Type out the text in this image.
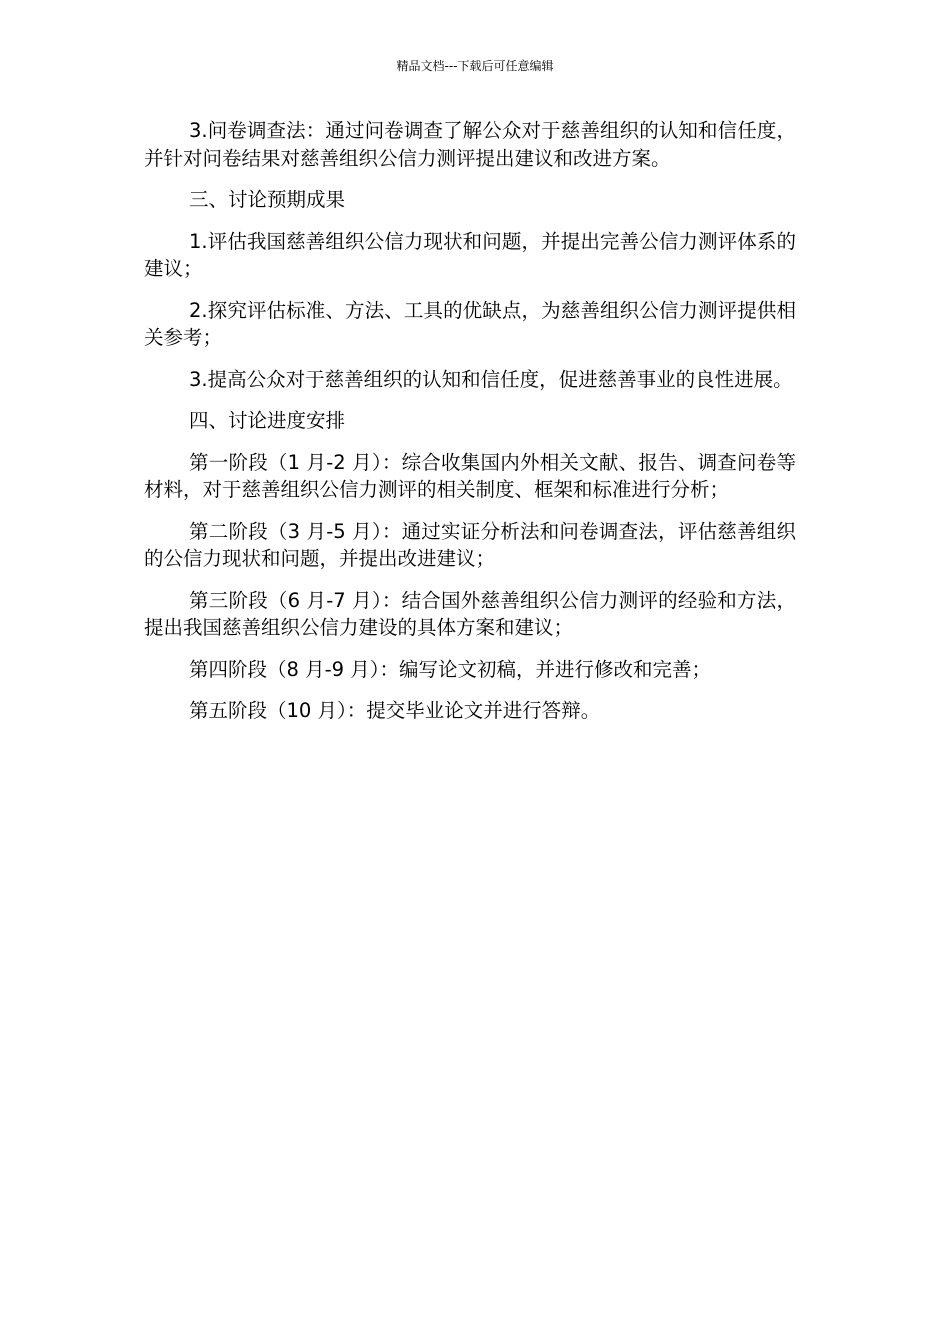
精品文档---下载后可任意编辑

3.问卷调查法：通过问卷调查了解公众对于慈善组织的认知和信任度，并针对问卷结果对慈善组织公信力测评提出建议和改进方案。

三、讨论预期成果

1.评估我国慈善组织公信力现状和问题，并提出完善公信力测评体系的建议；

2.探究评估标准、方法、工具的优缺点，为慈善组织公信力测评提供相关参考；

3.提高公众对于慈善组织的认知和信任度，促进慈善事业的良性进展。

四、讨论进度安排

第一阶段（1 月-2 月）：综合收集国内外相关文献、报告、调查问卷等材料，对于慈善组织公信力测评的相关制度、框架和标准进行分析；

第二阶段（3 月-5 月）：通过实证分析法和问卷调查法，评估慈善组织的公信力现状和问题，并提出改进建议；

第三阶段（6 月-7 月）：结合国外慈善组织公信力测评的经验和方法，提出我国慈善组织公信力建设的具体方案和建议；

第四阶段（8 月-9 月）：编写论文初稿，并进行修改和完善；

第五阶段（10 月）：提交毕业论文并进行答辩。
